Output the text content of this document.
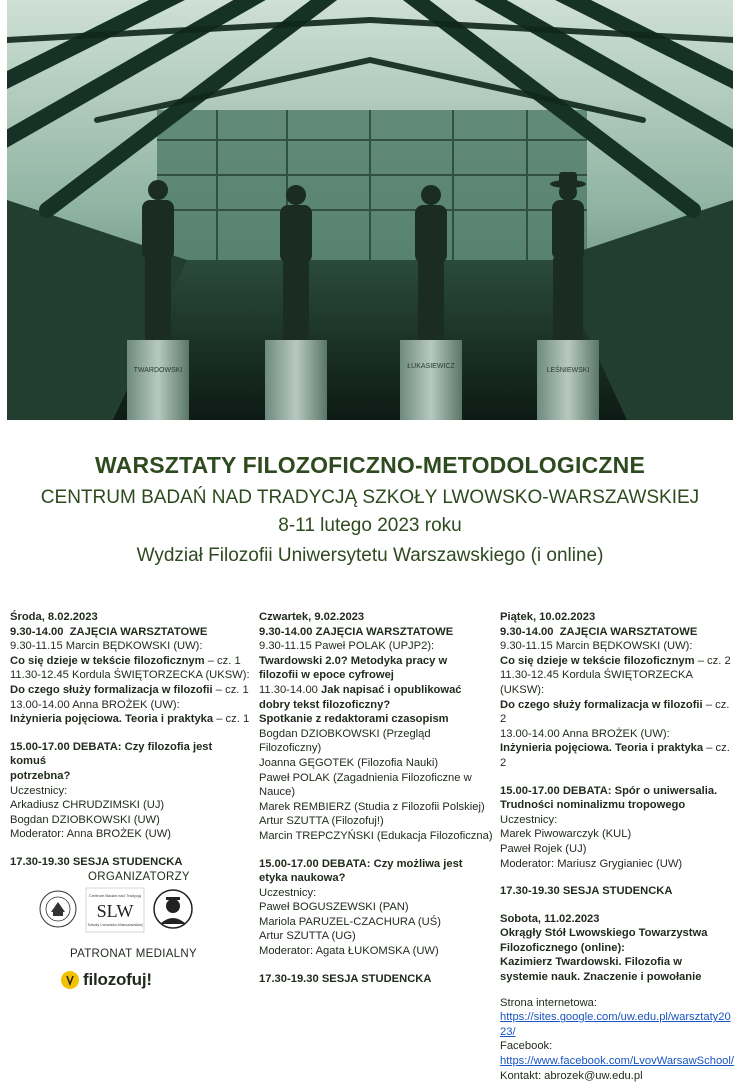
TWARDOWSKI
ŁUKASIEWICZ
LEŚNIEWSKI

WARSZTATY FILOZOFICZNO-METODOLOGICZNE

CENTRUM BADAŃ NAD TRADYCJĄ SZKOŁY LWOWSKO-WARSZAWSKIEJ

8-11 lutego 2023 roku

Wydział Filozofii Uniwersytetu Warszawskiego (i online)

Środa, 8.02.2023

9.30-14.00 ZAJĘCIA WARSZTATOWE

9.30-11.15 Marcin BĘDKOWSKI (UW):

Co się dzieje w tekście filozoficznym – cz. 1

11.30-12.45 Kordula ŚWIĘTORZECKA (UKSW):

Do czego służy formalizacja w filozofii – cz. 1

13.00-14.00 Anna BROŻEK (UW):

Inżynieria pojęciowa. Teoria i praktyka – cz. 1

15.00-17.00 DEBATA: Czy filozofia jest komuś

potrzebna?

Uczestnicy:

Arkadiusz CHRUDZIMSKI (UJ)

Bogdan DZIOBKOWSKI (UW)

Moderator: Anna BROŻEK (UW)

17.30-19.30 SESJA STUDENCKA

ORGANIZATORZY
Centrum Badań nad Tradycją
SLW
Szkoły Lwowsko-Warszawskiej
PATRONAT MEDIALNY
filozofuj!

Czwartek, 9.02.2023

9.30-14.00 ZAJĘCIA WARSZTATOWE

9.30-11.15 Paweł POLAK (UPJP2):

Twardowski 2.0? Metodyka pracy w

filozofii w epoce cyfrowej

11.30-14.00 Jak napisać i opublikować

dobry tekst filozoficzny?

Spotkanie z redaktorami czasopism

Bogdan DZIOBKOWSKI (Przegląd

Filozoficzny)

Joanna GĘGOTEK (Filozofia Nauki)

Paweł POLAK (Zagadnienia Filozoficzne w

Nauce)

Marek REMBIERZ (Studia z Filozofii Polskiej)

Artur SZUTTA (Filozofuj!)

Marcin TREPCZYŃSKI (Edukacja Filozoficzna)

15.00-17.00 DEBATA: Czy możliwa jest

etyka naukowa?

Uczestnicy:

Paweł BOGUSZEWSKI (PAN)

Mariola PARUZEL-CZACHURA (UŚ)

Artur SZUTTA (UG)

Moderator: Agata ŁUKOMSKA (UW)

17.30-19.30 SESJA STUDENCKA

Piątek, 10.02.2023

9.30-14.00 ZAJĘCIA WARSZTATOWE

9.30-11.15 Marcin BĘDKOWSKI (UW):

Co się dzieje w tekście filozoficznym – cz. 2

11.30-12.45 Kordula ŚWIĘTORZECKA (UKSW):

Do czego służy formalizacja w filozofii – cz. 2

13.00-14.00 Anna BROŻEK (UW):

Inżynieria pojęciowa. Teoria i praktyka – cz. 2

15.00-17.00 DEBATA: Spór o uniwersalia.

Trudności nominalizmu tropowego

Uczestnicy:

Marek Piwowarczyk (KUL)

Paweł Rojek (UJ)

Moderator: Mariusz Grygianiec (UW)

17.30-19.30 SESJA STUDENCKA

Sobota, 11.02.2023

Okrągły Stół Lwowskiego Towarzystwa

Filozoficznego (online):

Kazimierz Twardowski. Filozofia w

systemie nauk. Znaczenie i powołanie

Strona internetowa:

https://sites.google.com/uw.edu.pl/warsztaty20

23/

Facebook:

https://www.facebook.com/LvovWarsawSchool/

Kontakt: abrozek@uw.edu.pl
